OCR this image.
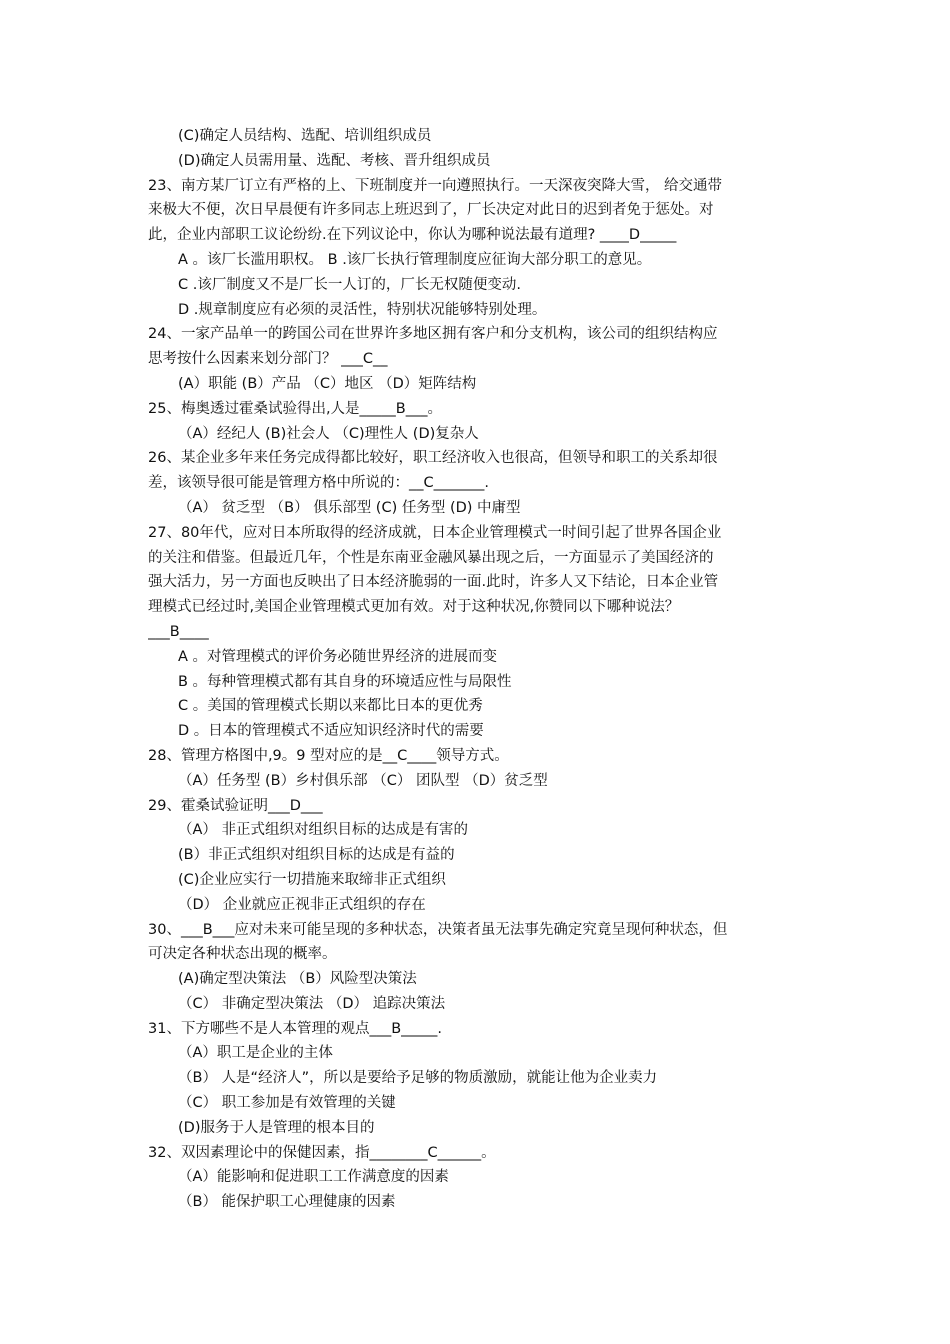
(C)确定人员结构、选配、培训组织成员
(D)确定人员需用量、选配、考核、晋升组织成员
23、南方某厂订立有严格的上、下班制度并一向遵照执行。一天深夜突降大雪， 给交通带
来极大不便，次日早晨便有许多同志上班迟到了，厂长决定对此日的迟到者免于惩处。对
此，企业内部职工议论纷纷.在下列议论中，你认为哪种说法最有道理? ____D_____
A 。该厂长滥用职权。 B .该厂长执行管理制度应征询大部分职工的意见。
C .该厂制度又不是厂长一人订的，厂长无权随便变动.
D .规章制度应有必须的灵活性，特别状况能够特别处理。
24、一家产品单一的跨国公司在世界许多地区拥有客户和分支机构，该公司的组织结构应
思考按什么因素来划分部门？ ___C__
(A）职能 (B）产品 （C）地区 （D）矩阵结构
25、梅奥透过霍桑试验得出,人是_____B___。
（A）经纪人 (B)社会人 （C)理性人 (D)复杂人
26、某企业多年来任务完成得都比较好，职工经济收入也很高，但领导和职工的关系却很
差，该领导很可能是管理方格中所说的：__C_______.
（A） 贫乏型 （B） 俱乐部型 (C) 任务型 (D) 中庸型
27、80年代，应对日本所取得的经济成就，日本企业管理模式一时间引起了世界各国企业
的关注和借鉴。但最近几年，个性是东南亚金融风暴出现之后，一方面显示了美国经济的
强大活力，另一方面也反映出了日本经济脆弱的一面.此时，许多人又下结论，日本企业管
理模式已经过时,美国企业管理模式更加有效。对于这种状况,你赞同以下哪种说法？
___B____
A 。对管理模式的评价务必随世界经济的进展而变
B 。每种管理模式都有其自身的环境适应性与局限性
C 。美国的管理模式长期以来都比日本的更优秀
D 。日本的管理模式不适应知识经济时代的需要
28、管理方格图中,9。9 型对应的是__C____领导方式。
（A）任务型 (B）乡村俱乐部 （C） 团队型 （D）贫乏型
29、霍桑试验证明___D___
（A） 非正式组织对组织目标的达成是有害的
(B）非正式组织对组织目标的达成是有益的
(C)企业应实行一切措施来取缔非正式组织
（D） 企业就应正视非正式组织的存在
30、___B___应对未来可能呈现的多种状态，决策者虽无法事先确定究竟呈现何种状态，但
可决定各种状态出现的概率。
(A)确定型决策法 （B）风险型决策法
（C） 非确定型决策法 （D） 追踪决策法
31、下方哪些不是人本管理的观点___B_____.
（A）职工是企业的主体
（B） 人是“经济人”，所以是要给予足够的物质激励，就能让他为企业卖力
（C） 职工参加是有效管理的关键
(D)服务于人是管理的根本目的
32、双因素理论中的保健因素，指________C______。
（A）能影响和促进职工工作满意度的因素
（B） 能保护职工心理健康的因素
